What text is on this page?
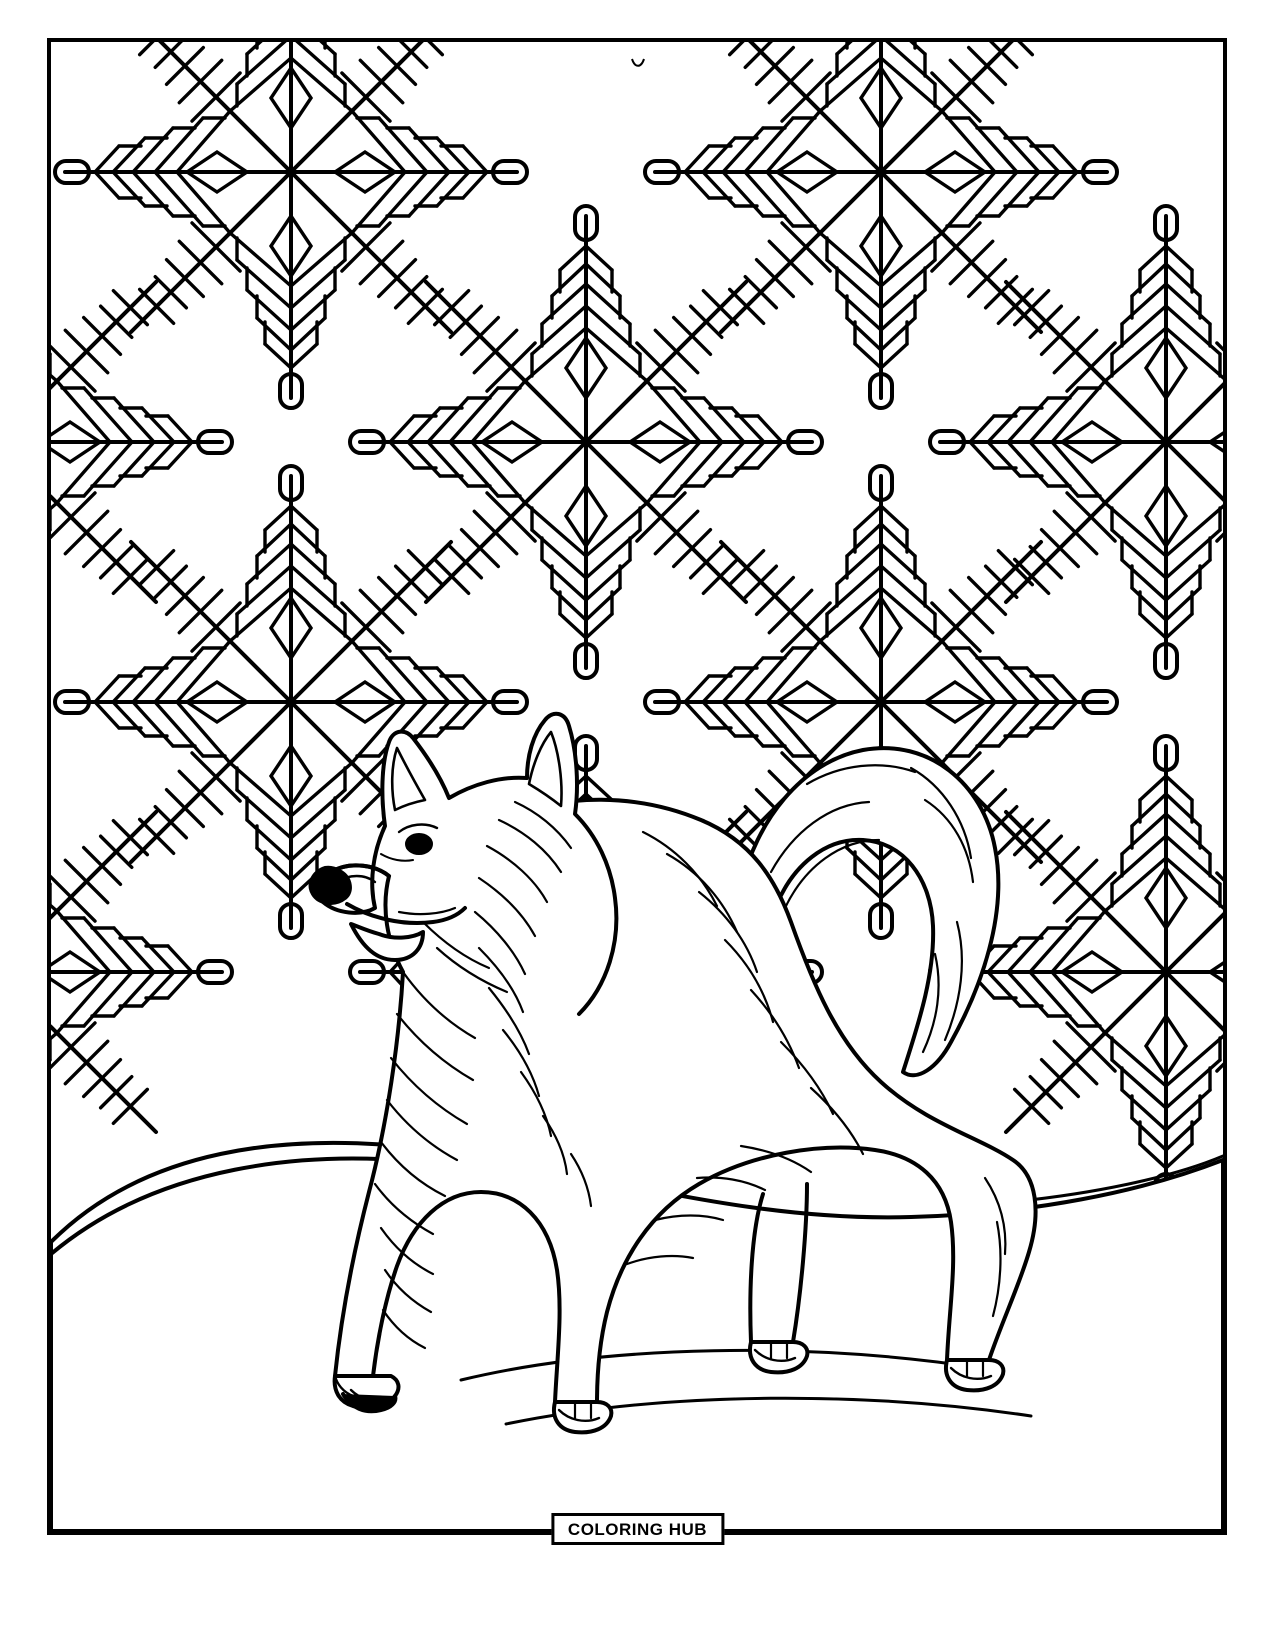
COLORING HUB
